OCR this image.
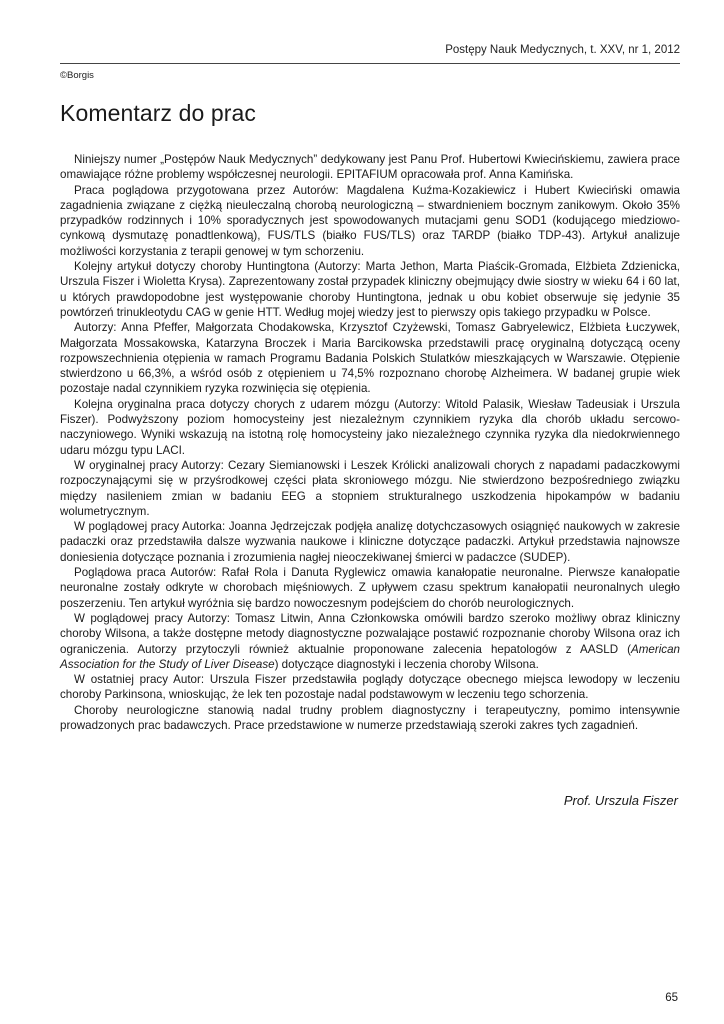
Postępy Nauk Medycznych, t. XXV, nr 1, 2012
©Borgis
Komentarz do prac

Niniejszy numer „Postępów Nauk Medycznych” dedykowany jest Panu Prof. Hubertowi Kwiecińskiemu, zawiera prace omawiające różne problemy współczesnej neurologii. EPITAFIUM opracowała prof. Anna Kamińska.

Praca poglądowa przygotowana przez Autorów: Magdalena Kuźma-Kozakiewicz i Hubert Kwieciński omawia zagadnienia związane z ciężką nieuleczalną chorobą neurologiczną – stwardnieniem bocznym zanikowym. Około 35% przypadków rodzinnych i 10% sporadycznych jest spowodowanych mutacjami genu SOD1 (kodującego miedziowo-cynkową dysmutazę ponadtlenkową), FUS/TLS (białko FUS/TLS) oraz TARDP (białko TDP-43). Artykuł analizuje możliwości korzystania z terapii genowej w tym schorzeniu.

Kolejny artykuł dotyczy choroby Huntingtona (Autorzy: Marta Jethon, Marta Piaścik-Gromada, Elżbieta Zdzienicka, Urszula Fiszer i Wioletta Krysa). Zaprezentowany został przypadek kliniczny obejmujący dwie siostry w wieku 64 i 60 lat, u których prawdopodobne jest występowanie choroby Huntingtona, jednak u obu kobiet obserwuje się jedynie 35 powtórzeń trinukleotydu CAG w genie HTT. Według mojej wiedzy jest to pierwszy opis takiego przypadku w Polsce.

Autorzy: Anna Pfeffer, Małgorzata Chodakowska, Krzysztof Czyżewski, Tomasz Gabryelewicz, Elżbieta Łuczywek, Małgorzata Mossakowska, Katarzyna Broczek i Maria Barcikowska przedstawili pracę oryginalną dotyczącą oceny rozpowszechnienia otępienia w ramach Programu Badania Polskich Stulatków mieszkających w Warszawie. Otępienie stwierdzono u 66,3%, a wśród osób z otępieniem u 74,5% rozpoznano chorobę Alzheimera. W badanej grupie wiek pozostaje nadal czynnikiem ryzyka rozwinięcia się otępienia.

Kolejna oryginalna praca dotyczy chorych z udarem mózgu (Autorzy: Witold Palasik, Wiesław Tadeusiak i Urszula Fiszer). Podwyższony poziom homocysteiny jest niezależnym czynnikiem ryzyka dla chorób układu sercowo-naczyniowego. Wyniki wskazują na istotną rolę homocysteiny jako niezależnego czynnika ryzyka dla niedokrwiennego udaru mózgu typu LACI.

W oryginalnej pracy Autorzy: Cezary Siemianowski i Leszek Królicki analizowali chorych z napadami padaczkowymi rozpoczynającymi się w przyśrodkowej części płata skroniowego mózgu. Nie stwierdzono bezpośredniego związku między nasileniem zmian w badaniu EEG a stopniem strukturalnego uszkodzenia hipokampów w badaniu wolumetrycznym.

W poglądowej pracy Autorka: Joanna Jędrzejczak podjęła analizę dotychczasowych osiągnięć naukowych w zakresie padaczki oraz przedstawiła dalsze wyzwania naukowe i kliniczne dotyczące padaczki. Artykuł przedstawia najnowsze doniesienia dotyczące poznania i zrozumienia nagłej nieoczekiwanej śmierci w padaczce (SUDEP).

Poglądowa praca Autorów: Rafał Rola i Danuta Ryglewicz omawia kanałopatie neuronalne. Pierwsze kanałopatie neuronalne zostały odkryte w chorobach mięśniowych. Z upływem czasu spektrum kanałopatii neuronalnych uległo poszerzeniu. Ten artykuł wyróżnia się bardzo nowoczesnym podejściem do chorób neurologicznych.

W poglądowej pracy Autorzy: Tomasz Litwin, Anna Członkowska omówili bardzo szeroko możliwy obraz kliniczny choroby Wilsona, a także dostępne metody diagnostyczne pozwalające postawić rozpoznanie choroby Wilsona oraz ich ograniczenia. Autorzy przytoczyli również aktualnie proponowane zalecenia hepatologów z AASLD (American Association for the Study of Liver Disease) dotyczące diagnostyki i leczenia choroby Wilsona.

W ostatniej pracy Autor: Urszula Fiszer przedstawiła poglądy dotyczące obecnego miejsca lewodopy w leczeniu choroby Parkinsona, wnioskując, że lek ten pozostaje nadal podstawowym w leczeniu tego schorzenia.

Choroby neurologiczne stanowią nadal trudny problem diagnostyczny i terapeutyczny, pomimo intensywnie prowadzonych prac badawczych. Prace przedstawione w numerze przedstawiają szeroki zakres tych zagadnień.

Prof. Urszula Fiszer
65
